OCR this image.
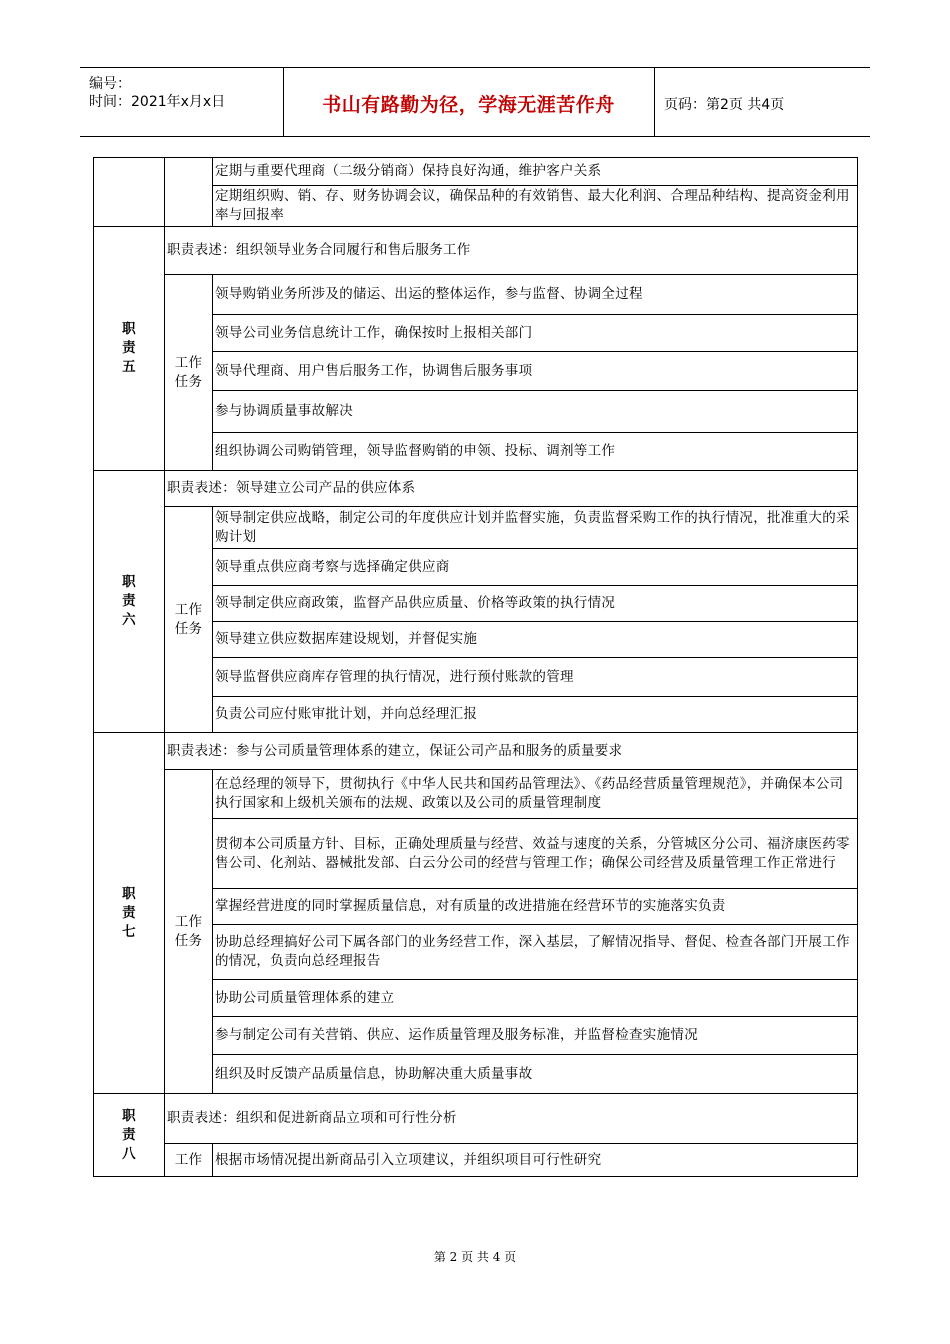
编号：
时间：2021年x月x日	书山有路勤为径，学海无涯苦作舟	页码：第2页 共4页
		定期与重要代理商（二级分销商）保持良好沟通，维护客户关系
		定期组织购、销、存、财务协调会议，确保品种的有效销售、最大化利润、合理品种结构、提高资金利用率与回报率
职
责
五	职责表述：组织领导业务合同履行和售后服务工作	
	工作
任务	领导购销业务所涉及的储运、出运的整体运作，参与监督、协调全过程
		领导公司业务信息统计工作，确保按时上报相关部门
		领导代理商、用户售后服务工作，协调售后服务事项
		参与协调质量事故解决
		组织协调公司购销管理，领导监督购销的申领、投标、调剂等工作
职
责
六	职责表述：领导建立公司产品的供应体系	
	工作
任务	领导制定供应战略，制定公司的年度供应计划并监督实施，负责监督采购工作的执行情况，批准重大的采购计划
		领导重点供应商考察与选择确定供应商
		领导制定供应商政策，监督产品供应质量、价格等政策的执行情况
		领导建立供应数据库建设规划，并督促实施
		领导监督供应商库存管理的执行情况，进行预付账款的管理
		负责公司应付账审批计划，并向总经理汇报
职
责
七	职责表述：参与公司质量管理体系的建立，保证公司产品和服务的质量要求	
	工作
任务	在总经理的领导下，贯彻执行《中华人民共和国药品管理法》、《药品经营质量管理规范》，并确保本公司执行国家和上级机关颁布的法规、政策以及公司的质量管理制度
		贯彻本公司质量方针、目标，正确处理质量与经营、效益与速度的关系，分管城区分公司、福济康医药零售公司、化剂站、器械批发部、白云分公司的经营与管理工作；确保公司经营及质量管理工作正常进行
		掌握经营进度的同时掌握质量信息，对有质量的改进措施在经营环节的实施落实负责
		协助总经理搞好公司下属各部门的业务经营工作，深入基层，了解情况指导、督促、检查各部门开展工作的情况，负责向总经理报告
		协助公司质量管理体系的建立
		参与制定公司有关营销、供应、运作质量管理及服务标准，并监督检查实施情况
		组织及时反馈产品质量信息，协助解决重大质量事故
职
责
八	职责表述：组织和促进新商品立项和可行性分析	
	工作	根据市场情况提出新商品引入立项建议，并组织项目可行性研究
第 2 页 共 4 页
